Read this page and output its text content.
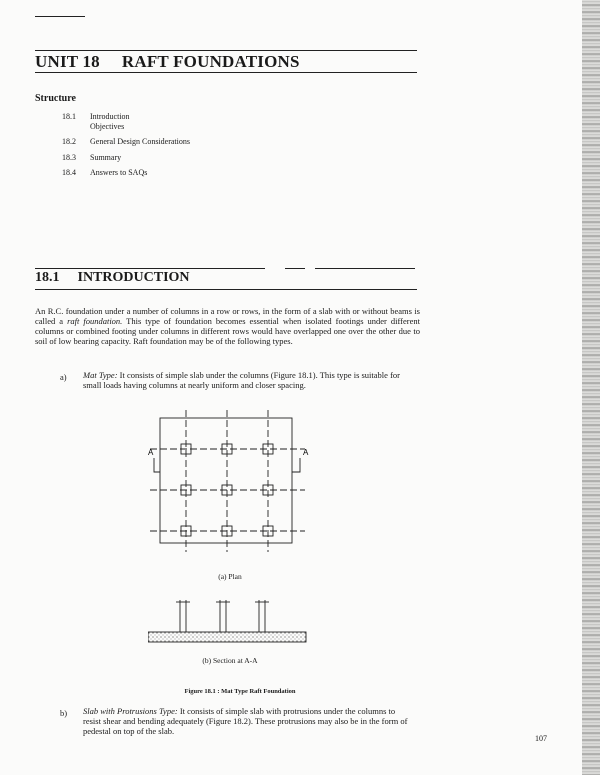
UNIT 18 RAFT FOUNDATIONS
Structure
18.1	Introduction
Objectives
18.2	General Design Considerations
18.3	Summary
18.4	Answers to SAQs
18.1 INTRODUCTION
An R.C. foundation under a number of columns in a row or rows, in the form of a slab with or without beams is called a raft foundation. This type of foundation becomes essential when isolated footings under different columns or combined footing under columns in different rows would have overlapped one over the other due to soil of low bearing capacity. Raft foundation may be of the following types.
a) Mat Type: It consists of simple slab under the columns (Figure 18.1). This type is suitable for small loads having columns at nearly uniform and closer spacing.
A	A
(a) Plan
(b) Section at A-A
Figure 18.1 : Mat Type Raft Foundation
b) Slab with Protrusions Type: It consists of simple slab with protrusions under the columns to resist shear and bending adequately (Figure 18.2). These protrusions may also be in the form of pedestal on top of the slab.
107
